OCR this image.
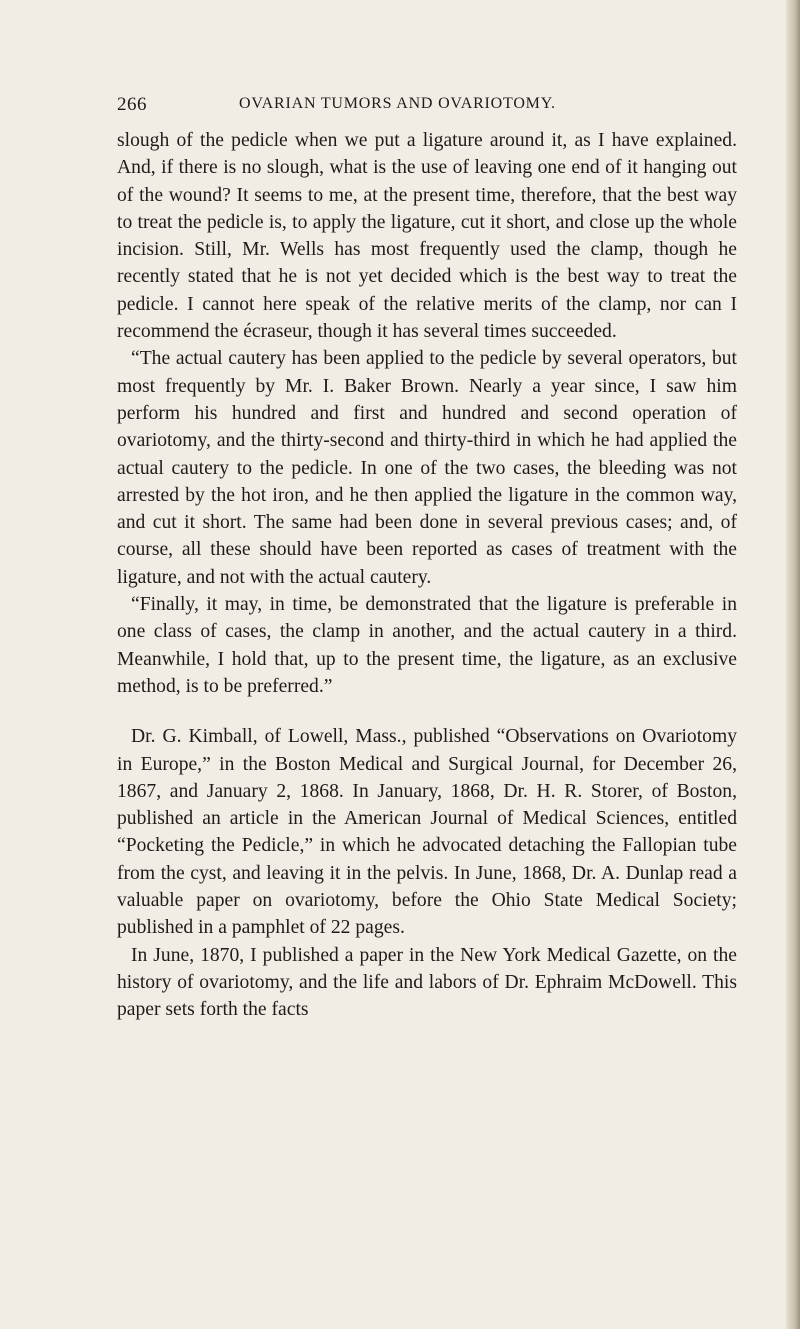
266	OVARIAN TUMORS AND OVARIOTOMY.

slough of the pedicle when we put a ligature around it, as I have explained. And, if there is no slough, what is the use of leaving one end of it hanging out of the wound? It seems to me, at the present time, therefore, that the best way to treat the pedicle is, to apply the ligature, cut it short, and close up the whole incision. Still, Mr. Wells has most frequently used the clamp, though he recently stated that he is not yet decided which is the best way to treat the pedicle. I cannot here speak of the relative merits of the clamp, nor can I recommend the écraseur, though it has several times succeeded.

“The actual cautery has been applied to the pedicle by several operators, but most frequently by Mr. I. Baker Brown. Nearly a year since, I saw him perform his hundred and first and hundred and second operation of ovariotomy, and the thirty-second and thirty-third in which he had applied the actual cautery to the pedicle. In one of the two cases, the bleeding was not arrested by the hot iron, and he then applied the ligature in the common way, and cut it short. The same had been done in several previous cases; and, of course, all these should have been reported as cases of treatment with the ligature, and not with the actual cautery.

“Finally, it may, in time, be demonstrated that the ligature is preferable in one class of cases, the clamp in another, and the actual cautery in a third. Meanwhile, I hold that, up to the present time, the ligature, as an exclusive method, is to be preferred.”

Dr. G. Kimball, of Lowell, Mass., published “Observations on Ovariotomy in Europe,” in the Boston Medical and Surgical Journal, for December 26, 1867, and January 2, 1868. In January, 1868, Dr. H. R. Storer, of Boston, published an article in the American Journal of Medical Sciences, entitled “Pocketing the Pedicle,” in which he advocated detaching the Fallopian tube from the cyst, and leaving it in the pelvis. In June, 1868, Dr. A. Dunlap read a valuable paper on ovariotomy, before the Ohio State Medical Society; published in a pamphlet of 22 pages.

In June, 1870, I published a paper in the New York Medical Gazette, on the history of ovariotomy, and the life and labors of Dr. Ephraim McDowell. This paper sets forth the facts
